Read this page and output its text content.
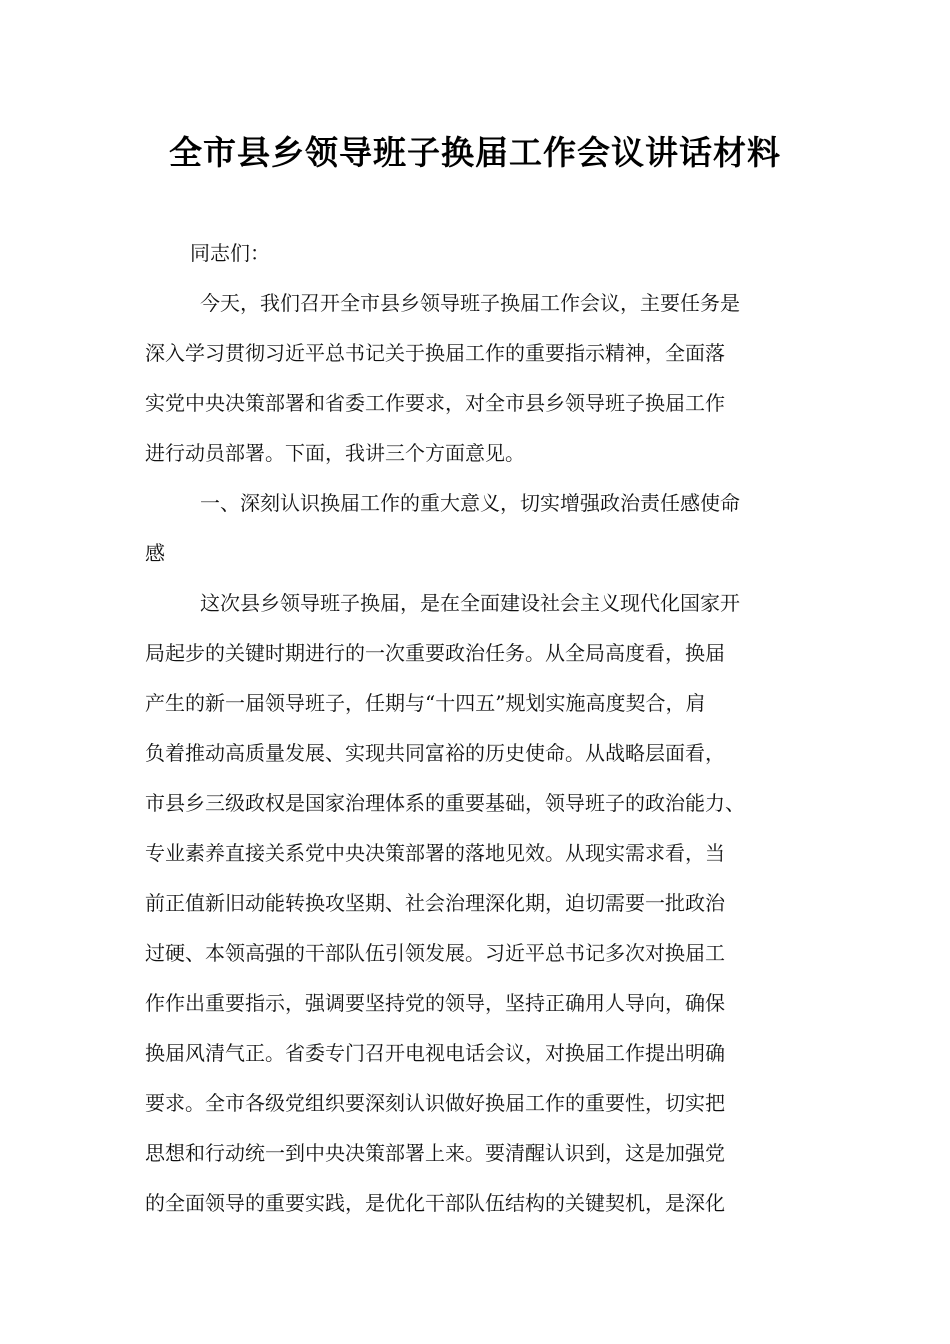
全市县乡领导班子换届工作会议讲话材料
同志们：
今天，我们召开全市县乡领导班子换届工作会议，主要任务是
深入学习贯彻习近平总书记关于换届工作的重要指示精神，全面落
实党中央决策部署和省委工作要求，对全市县乡领导班子换届工作
进行动员部署。下面，我讲三个方面意见。
一、深刻认识换届工作的重大意义，切实增强政治责任感使命
感
这次县乡领导班子换届，是在全面建设社会主义现代化国家开
局起步的关键时期进行的一次重要政治任务。从全局高度看，换届
产生的新一届领导班子，任期与“十四五”规划实施高度契合，肩
负着推动高质量发展、实现共同富裕的历史使命。从战略层面看，
市县乡三级政权是国家治理体系的重要基础，领导班子的政治能力、
专业素养直接关系党中央决策部署的落地见效。从现实需求看，当
前正值新旧动能转换攻坚期、社会治理深化期，迫切需要一批政治
过硬、本领高强的干部队伍引领发展。习近平总书记多次对换届工
作作出重要指示，强调要坚持党的领导，坚持正确用人导向，确保
换届风清气正。省委专门召开电视电话会议，对换届工作提出明确
要求。全市各级党组织要深刻认识做好换届工作的重要性，切实把
思想和行动统一到中央决策部署上来。要清醒认识到，这是加强党
的全面领导的重要实践，是优化干部队伍结构的关键契机，是深化
